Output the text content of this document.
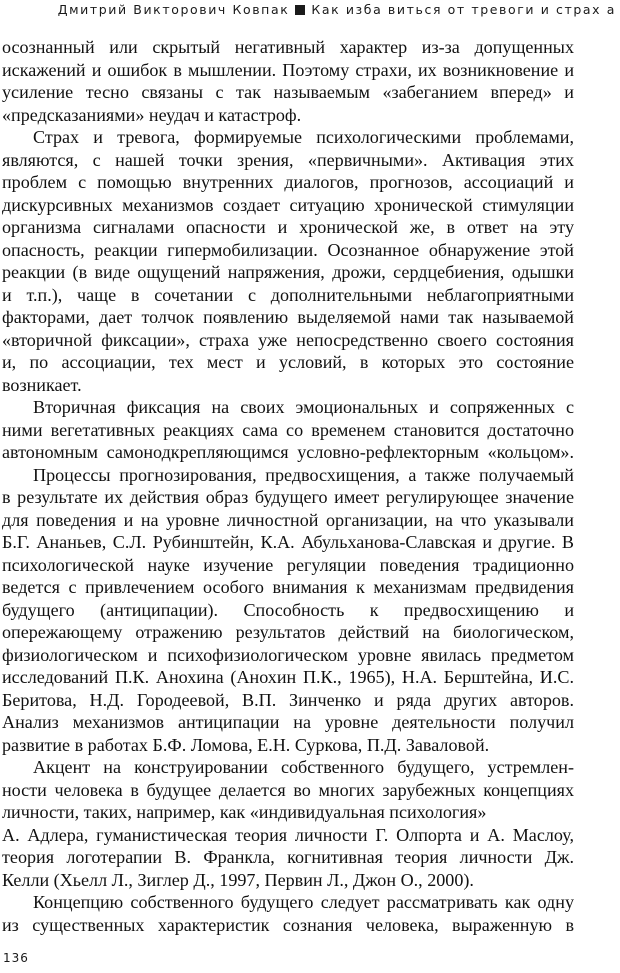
Дмитрий Викторович Ковпак Как изба виться от тревоги и страх а
осознанный или скрытый негативный характер из-за допущенных
искажений и ошибок в мышлении. Поэтому страхи, их возникновение и
усиление тесно связаны с так называемым «забеганием вперед» и
«предсказаниями» неудач и катастроф.
Страх и тревога, формируемые психологическими проблемами,
являются, с нашей точки зрения, «первичными». Активация этих
проблем с помощью внутренних диалогов, прогнозов, ассоциаций и
дискурсивных механизмов создает ситуацию хронической стимуляции
организма сигналами опасности и хронической же, в ответ на эту
опасность, реакции гипермобилизации. Осознанное обнаружение этой
реакции (в виде ощущений напряжения, дрожи, сердцебиения, одышки
и т.п.), чаще в сочетании с дополнительными неблагоприятными
факторами, дает толчок появлению выделяемой нами так называемой
«вторичной фиксации», страха уже непосредственно своего состояния
и, по ассоциации, тех мест и условий, в которых это состояние
возникает.
Вторичная фиксация на своих эмоциональных и сопряженных с
ними вегетативных реакциях сама со временем становится достаточно
автономным самонодкрепляющимся условно-рефлекторным «кольцом».
Процессы прогнозирования, предвосхищения, а также получаемый
в результате их действия образ будущего имеет регулирующее значение
для поведения и на уровне личностной организации, на что указывали
Б.Г. Ананьев, С.Л. Рубинштейн, К.А. Абульханова-Славская и другие. В
психологической науке изучение регуляции поведения традиционно
ведется с привлечением особого внимания к механизмам предвидения
будущего (антиципации). Способность к предвосхищению и
опережающему отражению результатов действий на биологическом,
физиологическом и психофизиологическом уровне явилась предметом
исследований П.К. Анохина (Анохин П.К., 1965), Н.А. Берштейна, И.С.
Беритова, Н.Д. Городеевой, В.П. Зинченко и ряда других авторов.
Анализ механизмов антиципации на уровне деятельности получил
развитие в работах Б.Ф. Ломова, Е.Н. Суркова, П.Д. Заваловой.
Акцент на конструировании собственного будущего, устремлен-
ности человека в будущее делается во многих зарубежных концепциях
личности, таких, например, как «индивидуальная психология»
А. Адлера, гуманистическая теория личности Г. Олпорта и А. Маслоу,
теория логотерапии В. Франкла, когнитивная теория личности Дж.
Келли (Хьелл Л., Зиглер Д., 1997, Первин Л., Джон О., 2000).
Концепцию собственного будущего следует рассматривать как одну
из существенных характеристик сознания человека, выраженную в
136
